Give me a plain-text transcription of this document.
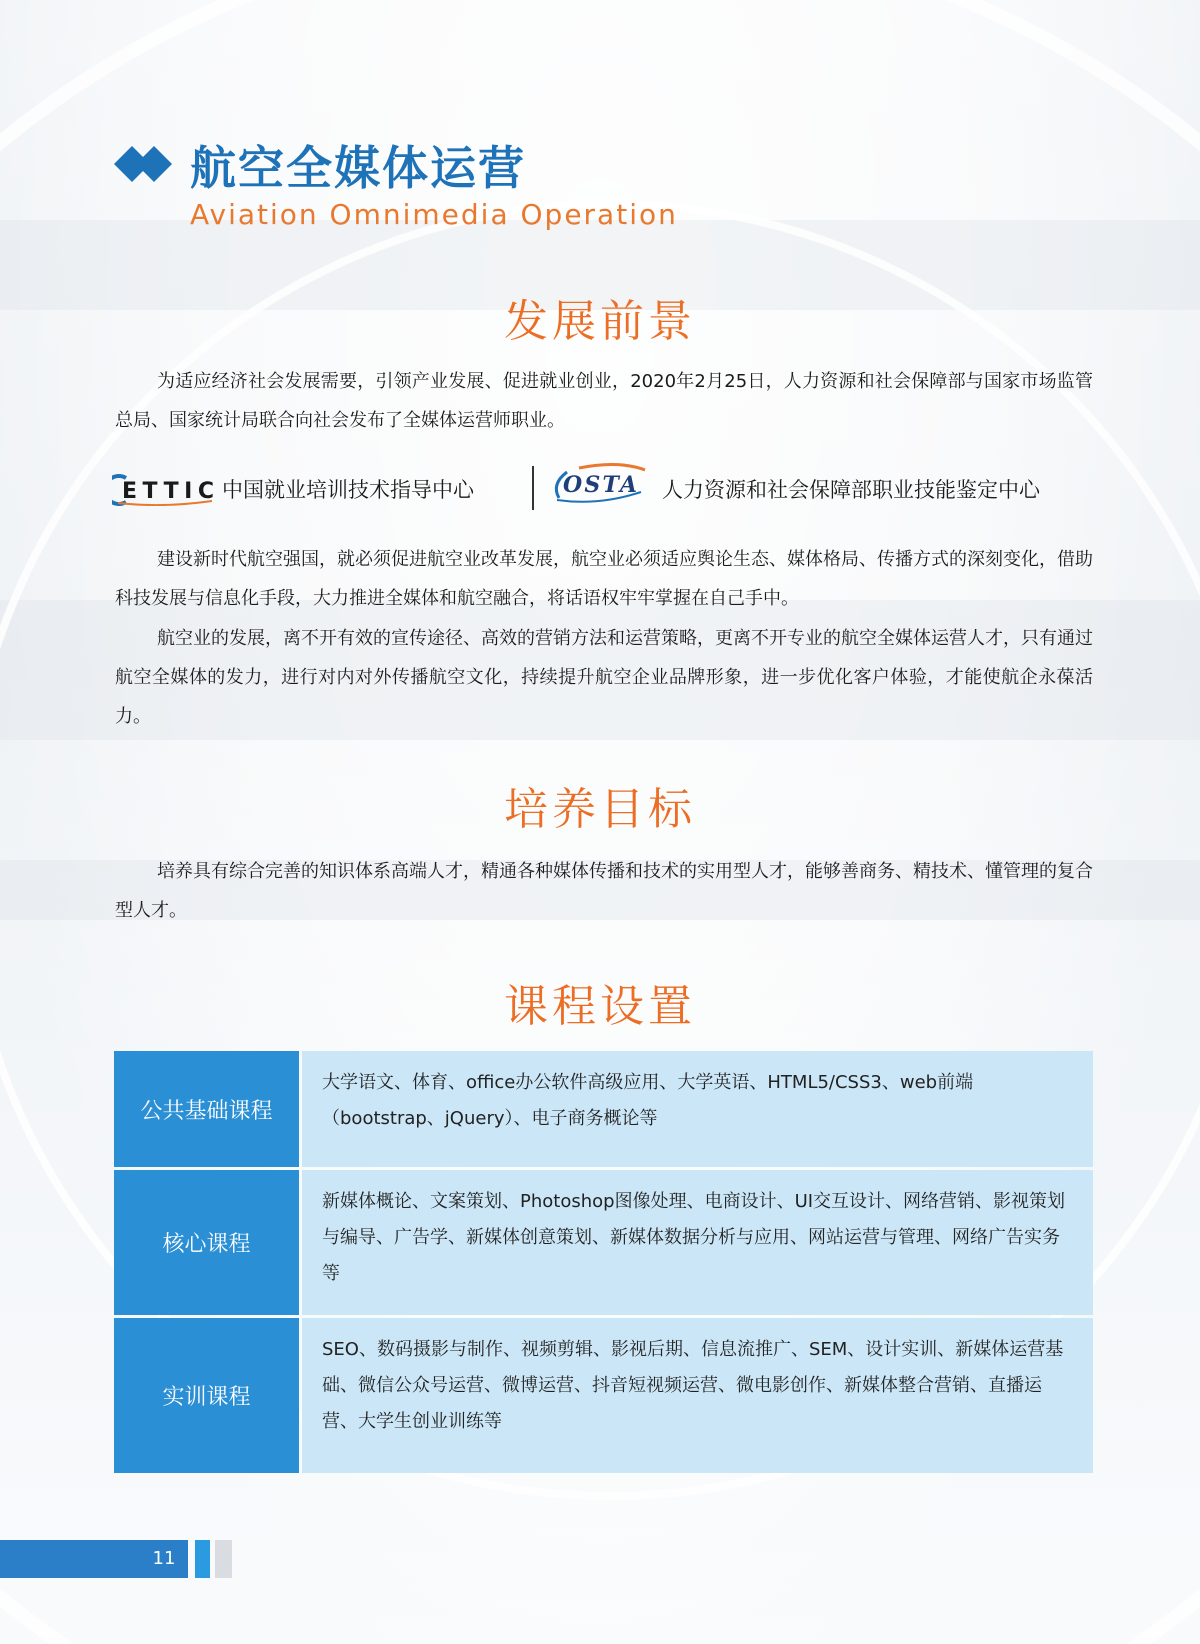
航空全媒体运营
Aviation Omnimedia Operation
发展前景

为适应经济社会发展需要，引领产业发展、促进就业创业，2020年2月25日，人力资源和社会保障部与国家市场监管总局、国家统计局联合向社会发布了全媒体运营师职业。

ETTIC 中国就业培训技术指导中心	OSTA 人力资源和社会保障部职业技能鉴定中心

建设新时代航空强国，就必须促进航空业改革发展，航空业必须适应舆论生态、媒体格局、传播方式的深刻变化，借助科技发展与信息化手段，大力推进全媒体和航空融合，将话语权牢牢掌握在自己手中。

航空业的发展，离不开有效的宣传途径、高效的营销方法和运营策略，更离不开专业的航空全媒体运营人才，只有通过航空全媒体的发力，进行对内对外传播航空文化，持续提升航空企业品牌形象，进一步优化客户体验，才能使航企永葆活力。

培养目标

培养具有综合完善的知识体系高端人才，精通各种媒体传播和技术的实用型人才，能够善商务、精技术、懂管理的复合型人才。

课程设置
公共基础课程
大学语文、体育、office办公软件高级应用、大学英语、HTML5/CSS3、web前端（bootstrap、jQuery）、电子商务概论等
核心课程
新媒体概论、文案策划、Photoshop图像处理、电商设计、UI交互设计、网络营销、影视策划与编导、广告学、新媒体创意策划、新媒体数据分析与应用、网站运营与管理、网络广告实务等
实训课程
SEO、数码摄影与制作、视频剪辑、影视后期、信息流推广、SEM、设计实训、新媒体运营基础、微信公众号运营、微博运营、抖音短视频运营、微电影创作、新媒体整合营销、直播运营、大学生创业训练等
11
